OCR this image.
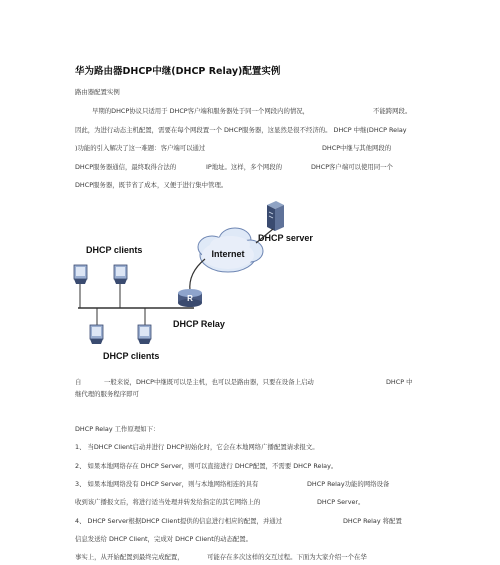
华为路由器DHCP中继(DHCP Relay)配置实例
路由器配置实例
早期的DHCP协议只适用于 DHCP客户端和服务器处于同一个网段内的情况，	不能跨网段。
因此，为进行动态主机配置，需要在每个网段置一个 DHCP服务器，这显然是很不经济的。 DHCP 中继(DHCP Relay
)功能的引入解决了这一难题：客户端可以通过	DHCP中继与其他网段的
DHCP服务器通信，最终取得合法的	IP地址。这样，多个网段的	DHCP客户端可以使用同一个
DHCP服务器，既节省了成本，又便于进行集中管理。
Internet
DHCP server
R
DHCP Relay
DHCP clients
DHCP clients
自	一般来说，DHCP中继既可以是主机，也可以是路由器，只要在设备上启动	DHCP 中
继代理的服务程序即可
DHCP Relay 工作原理如下：
1、 当DHCP Client启动并进行 DHCP初始化时，它会在本地网络广播配置请求报文。
2、 如果本地网络存在 DHCP Server，则可以直接进行 DHCP配置，不需要 DHCP Relay。
3、 如果本地网络没有 DHCP Server，则与本地网络相连的具有	DHCP Relay功能的网络设备
收到该广播报文后，将进行适当处理并转发给指定的其它网络上的	DHCP Server。
4、 DHCP Server根据DHCP Client提供的信息进行相应的配置，并通过	DHCP Relay 将配置
信息发送给 DHCP Client，完成对 DHCP Client的动态配置。
事实上，从开始配置到最终完成配置，	可能存在多次这样的交互过程。下面为大家介绍一个在华
